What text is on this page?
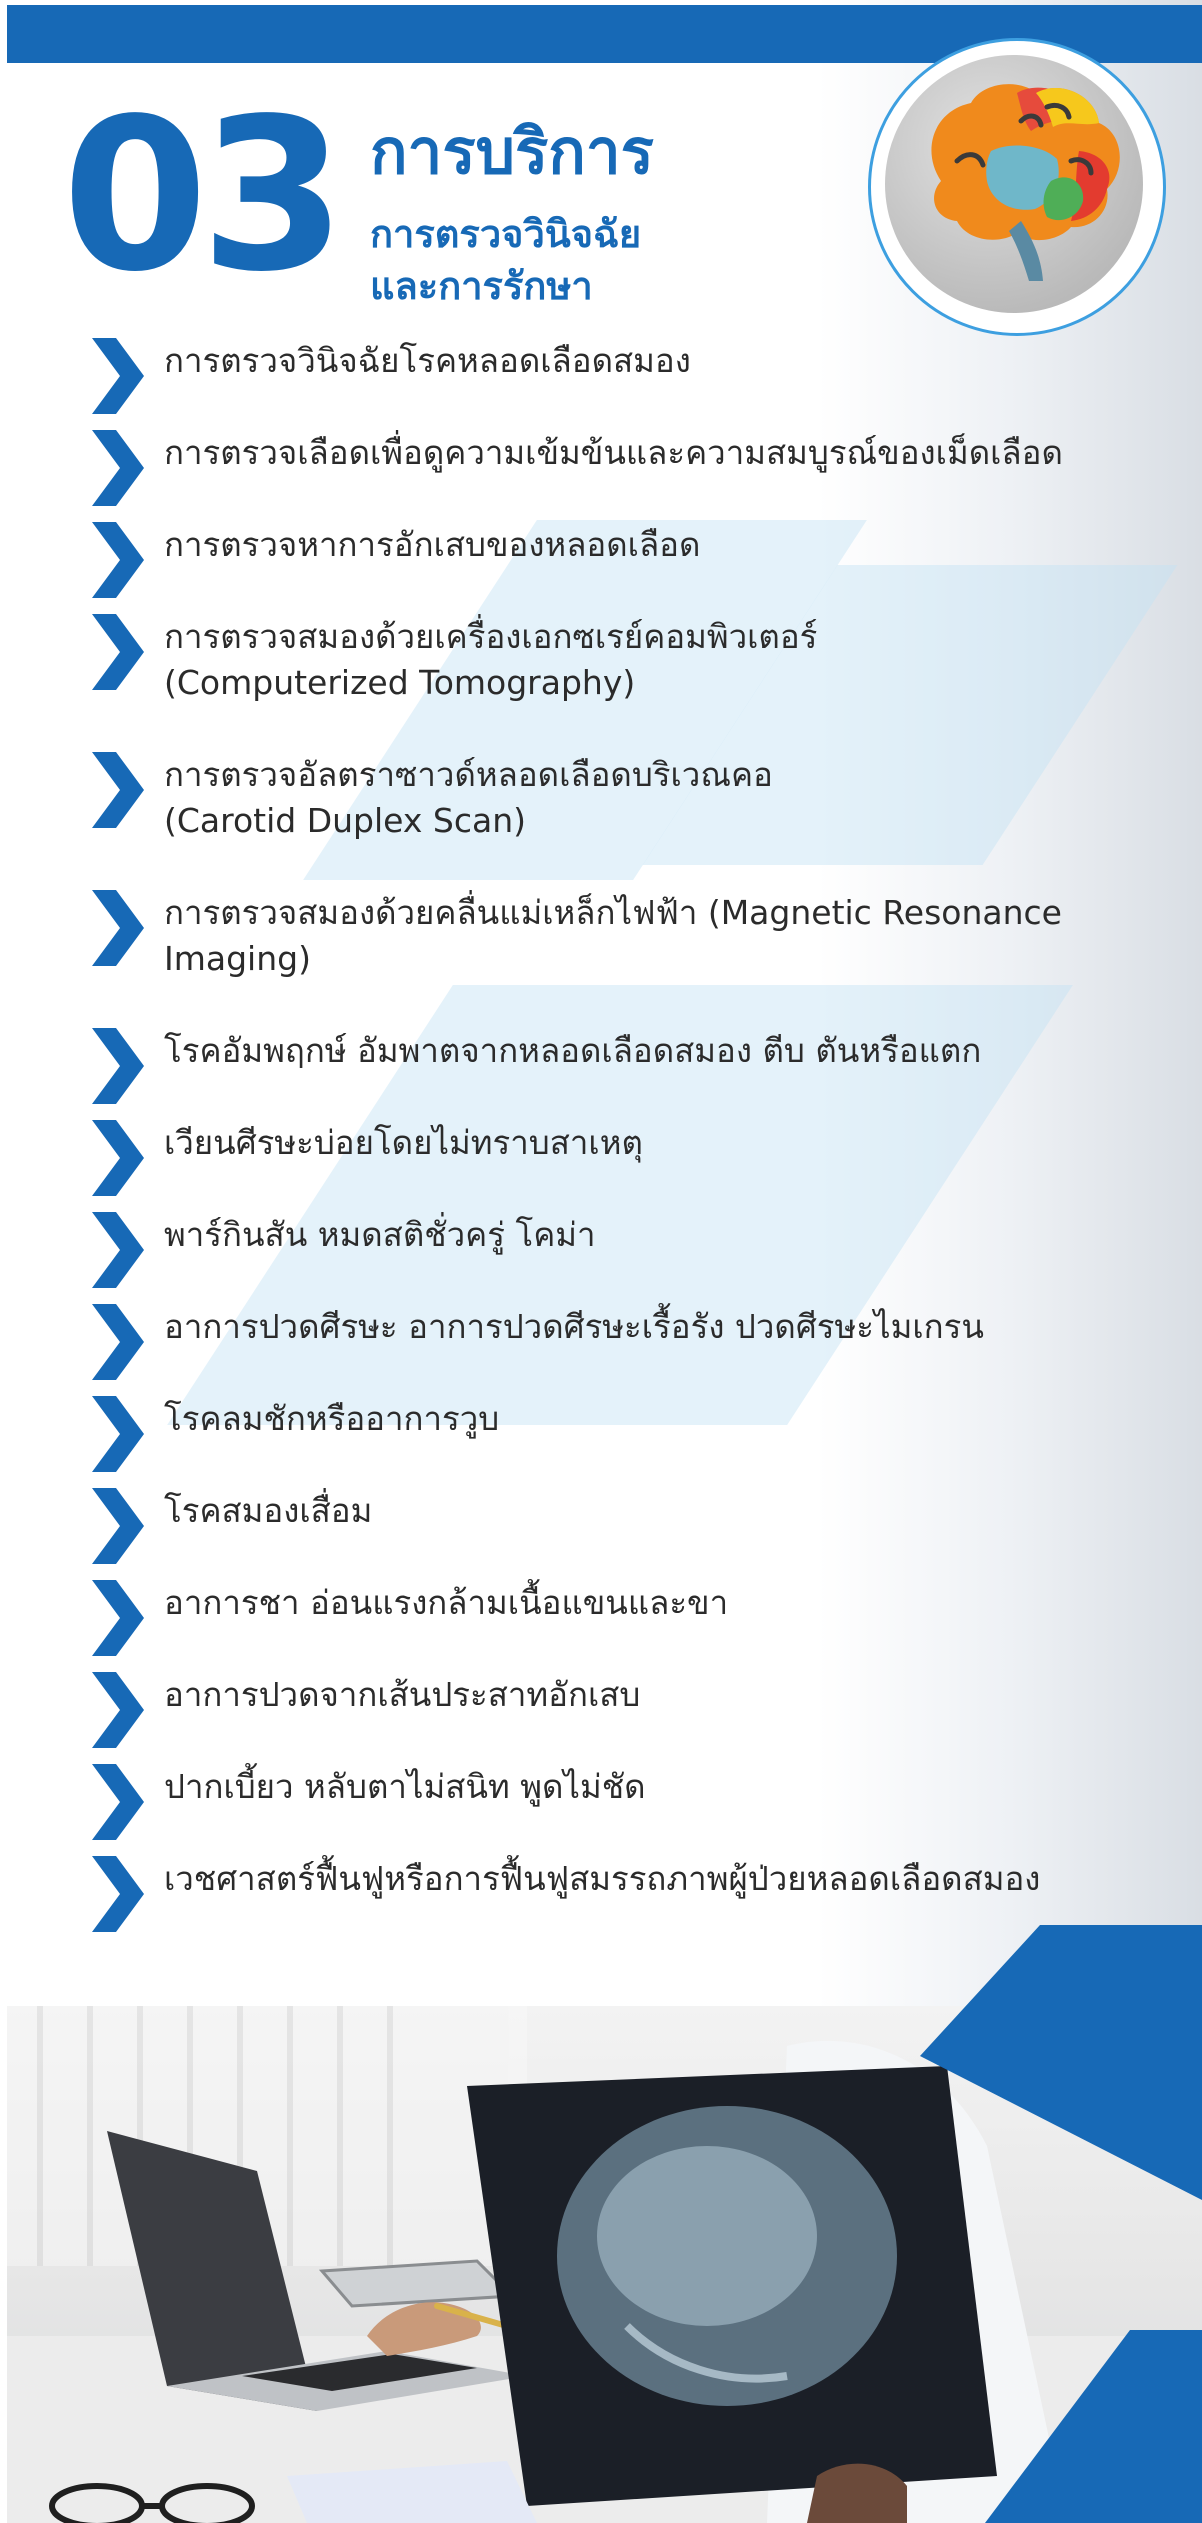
03 การบริการ
การตรวจวินิจฉัย
และการรักษา
การตรวจวินิจฉัยโรคหลอดเลือดสมอง
การตรวจเลือดเพื่อดูความเข้มข้นและความสมบูรณ์ของเม็ดเลือด
การตรวจหาการอักเสบของหลอดเลือด
การตรวจสมองด้วยเครื่องเอกซเรย์คอมพิวเตอร์
(Computerized Tomography)
การตรวจอัลตราซาวด์หลอดเลือดบริเวณคอ
(Carotid Duplex Scan)
การตรวจสมองด้วยคลื่นแม่เหล็กไฟฟ้า (Magnetic Resonance
Imaging)
โรคอัมพฤกษ์ อัมพาตจากหลอดเลือดสมอง ตีบ ตันหรือแตก
เวียนศีรษะบ่อยโดยไม่ทราบสาเหตุ
พาร์กินสัน หมดสติชั่วครู่ โคม่า
อาการปวดศีรษะ อาการปวดศีรษะเรื้อรัง ปวดศีรษะไมเกรน
โรคลมชักหรืออาการวูบ
โรคสมองเสื่อม
อาการชา อ่อนแรงกล้ามเนื้อแขนและขา
อาการปวดจากเส้นประสาทอักเสบ
ปากเบี้ยว หลับตาไม่สนิท พูดไม่ชัด
เวชศาสตร์ฟื้นฟูหรือการฟื้นฟูสมรรถภาพผู้ป่วยหลอดเลือดสมอง
